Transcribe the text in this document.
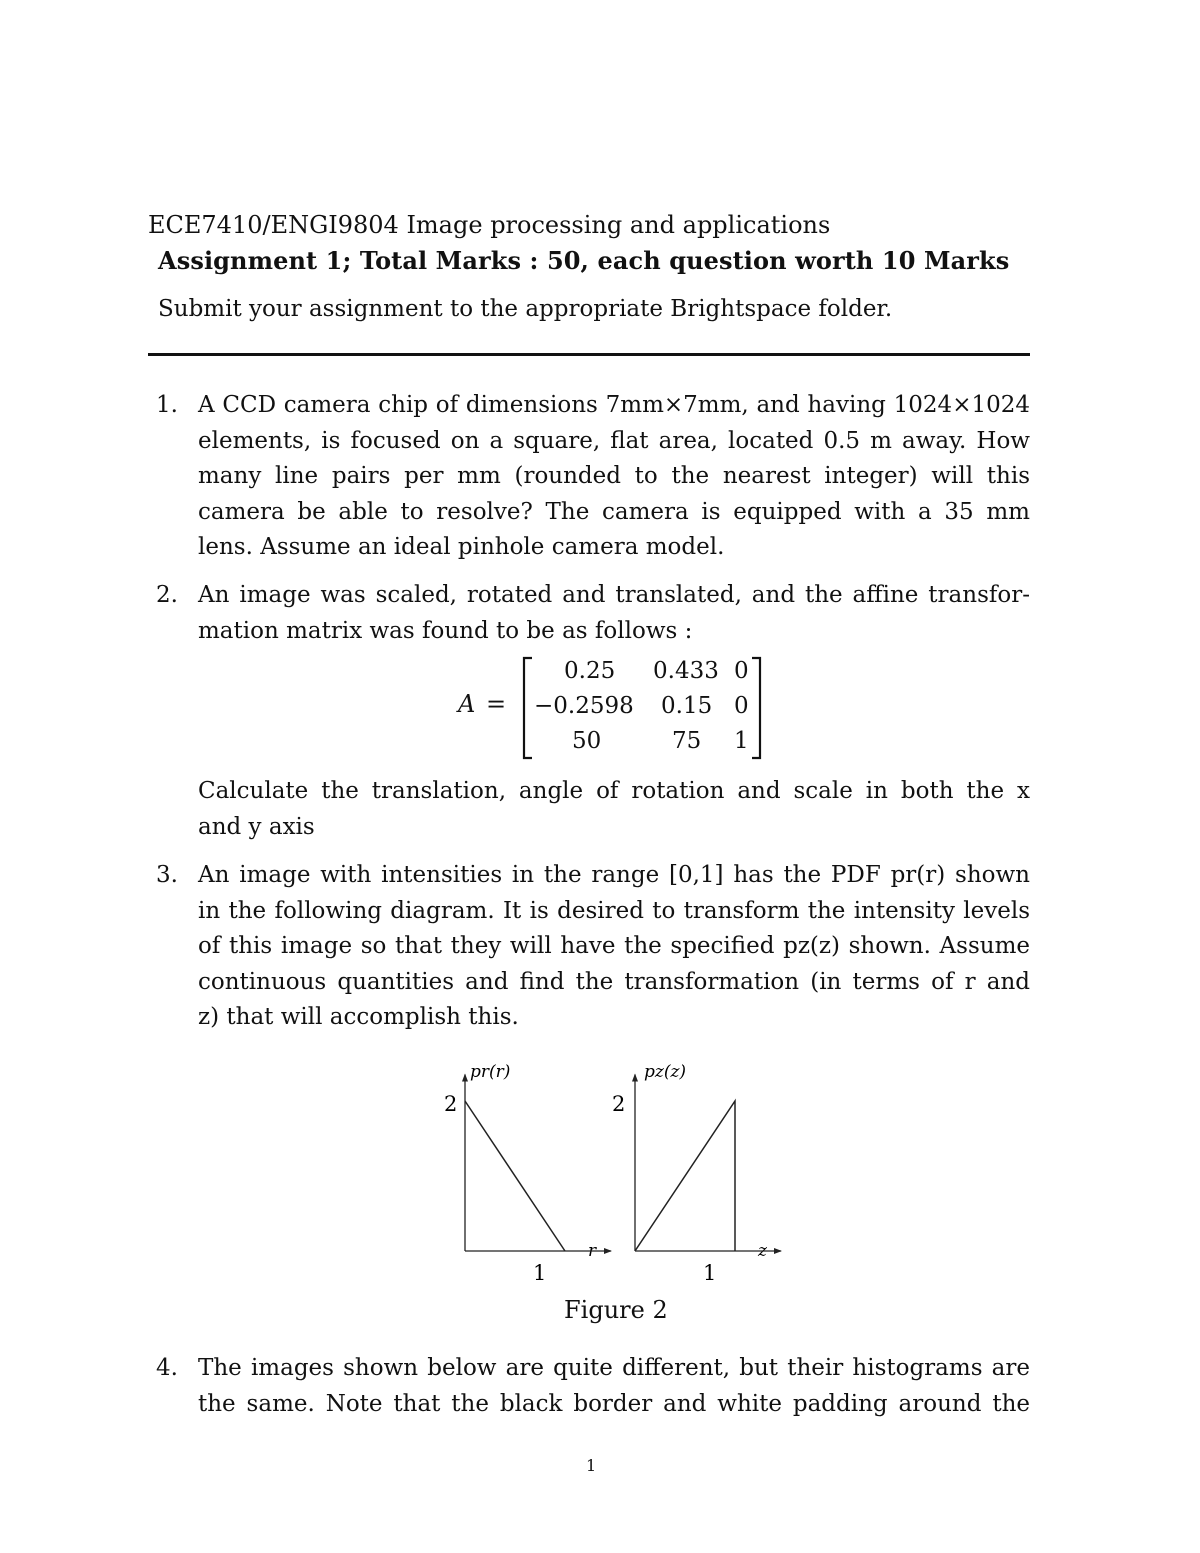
ECE7410/ENGI9804 Image processing and applications
Assignment 1; Total Marks : 50, each question worth 10 Marks
Submit your assignment to the appropriate Brightspace folder.
1. A CCD camera chip of dimensions 7mm×7mm, and having 1024×1024
elements, is focused on a square, flat area, located 0.5 m away. How
many line pairs per mm (rounded to the nearest integer) will this
camera be able to resolve? The camera is equipped with a 35 mm
lens. Assume an ideal pinhole camera model.
2. An image was scaled, rotated and translated, and the affine transfor-
mation matrix was found to be as follows :
A =
0.25 0.433 0
−0.2598 0.15 0
50	75 1
Calculate the translation, angle of rotation and scale in both the x
and y axis
3. An image with intensities in the range [0,1] has the PDF pr(r) shown
in the following diagram. It is desired to transform the intensity levels
of this image so that they will have the specified pz(z) shown. Assume
continuous quantities and find the transformation (in terms of r and
z) that will accomplish this.
pr(r)
2
1
r
pz(z)
2
1
z
Figure 2
4. The images shown below are quite different, but their histograms are
the same. Note that the black border and white padding around the
1
